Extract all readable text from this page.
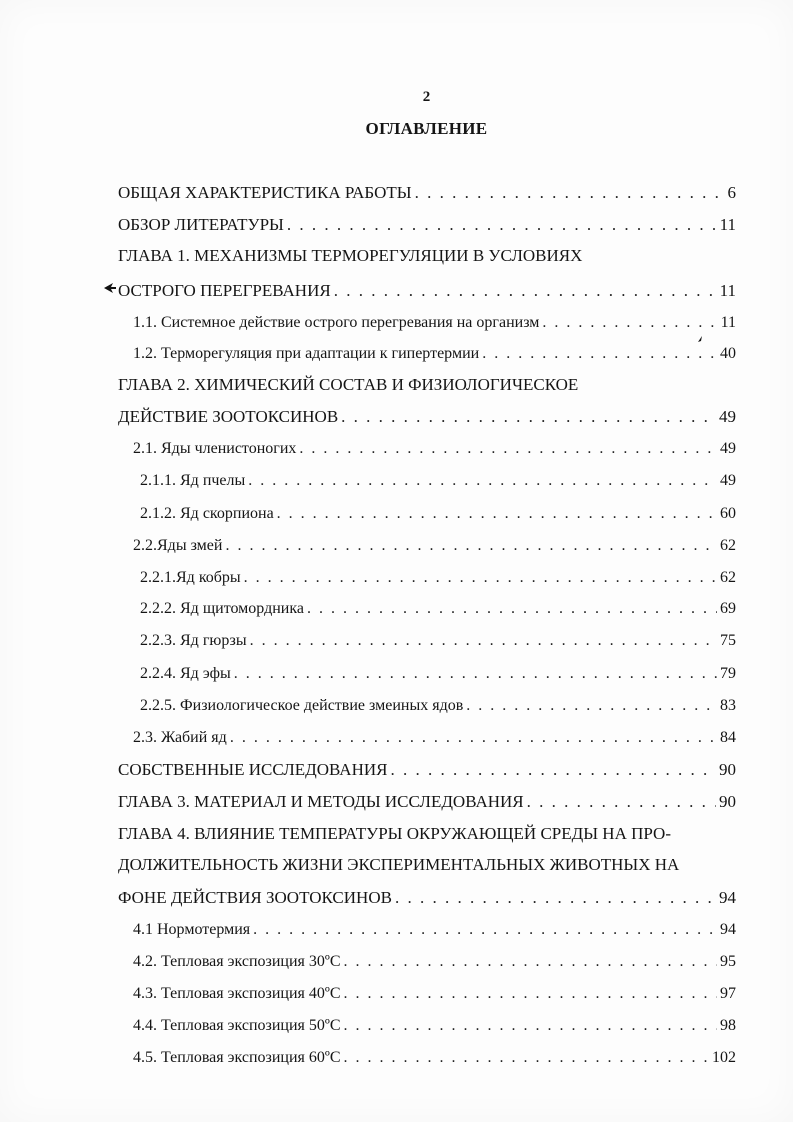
2
ОГЛАВЛЕНИЕ
ОБЩАЯ ХАРАКТЕРИСТИКА РАБОТЫ . . .	6
ОБЗОР ЛИТЕРАТУРЫ . . .	11
ГЛАВА 1. МЕХАНИЗМЫ ТЕРМОРЕГУЛЯЦИИ В УСЛОВИЯХ
ОСТРОГО ПЕРЕГРЕВАНИЯ . . .	11
1.1. Системное действие острого перегревания на организм . . .	11
1.2. Терморегуляция при адаптации к гипертермии . . .	40
ГЛАВА 2. ХИМИЧЕСКИЙ СОСТАВ И ФИЗИОЛОГИЧЕСКОЕ
ДЕЙСТВИЕ ЗООТОКСИНОВ . . .	49
2.1. Яды членистоногих . . .	49
2.1.1. Яд пчелы . . .	49
2.1.2. Яд скорпиона . . .	60
2.2.Яды змей . . .	62
2.2.1.Яд кобры . . .	62
2.2.2. Яд щитомордника . . .	69
2.2.3. Яд гюрзы . . .	75
2.2.4. Яд эфы . . .	79
2.2.5. Физиологическое действие змеиных ядов . . .	83
2.3. Жабий яд . . .	84
СОБСТВЕННЫЕ ИССЛЕДОВАНИЯ . . .	90
ГЛАВА 3. МАТЕРИАЛ И МЕТОДЫ ИССЛЕДОВАНИЯ . . .	90
ГЛАВА 4. ВЛИЯНИЕ ТЕМПЕРАТУРЫ ОКРУЖАЮЩЕЙ СРЕДЫ НА ПРО-
ДОЛЖИТЕЛЬНОСТЬ ЖИЗНИ ЭКСПЕРИМЕНТАЛЬНЫХ ЖИВОТНЫХ НА
ФОНЕ ДЕЙСТВИЯ ЗООТОКСИНОВ . . .	94
4.1 Нормотермия . . .	94
4.2. Тепловая экспозиция 30ºС . . .	95
4.3. Тепловая экспозиция 40ºС . . .	97
4.4. Тепловая экспозиция 50ºС . . .	98
4.5. Тепловая экспозиция 60ºС . . .	102
